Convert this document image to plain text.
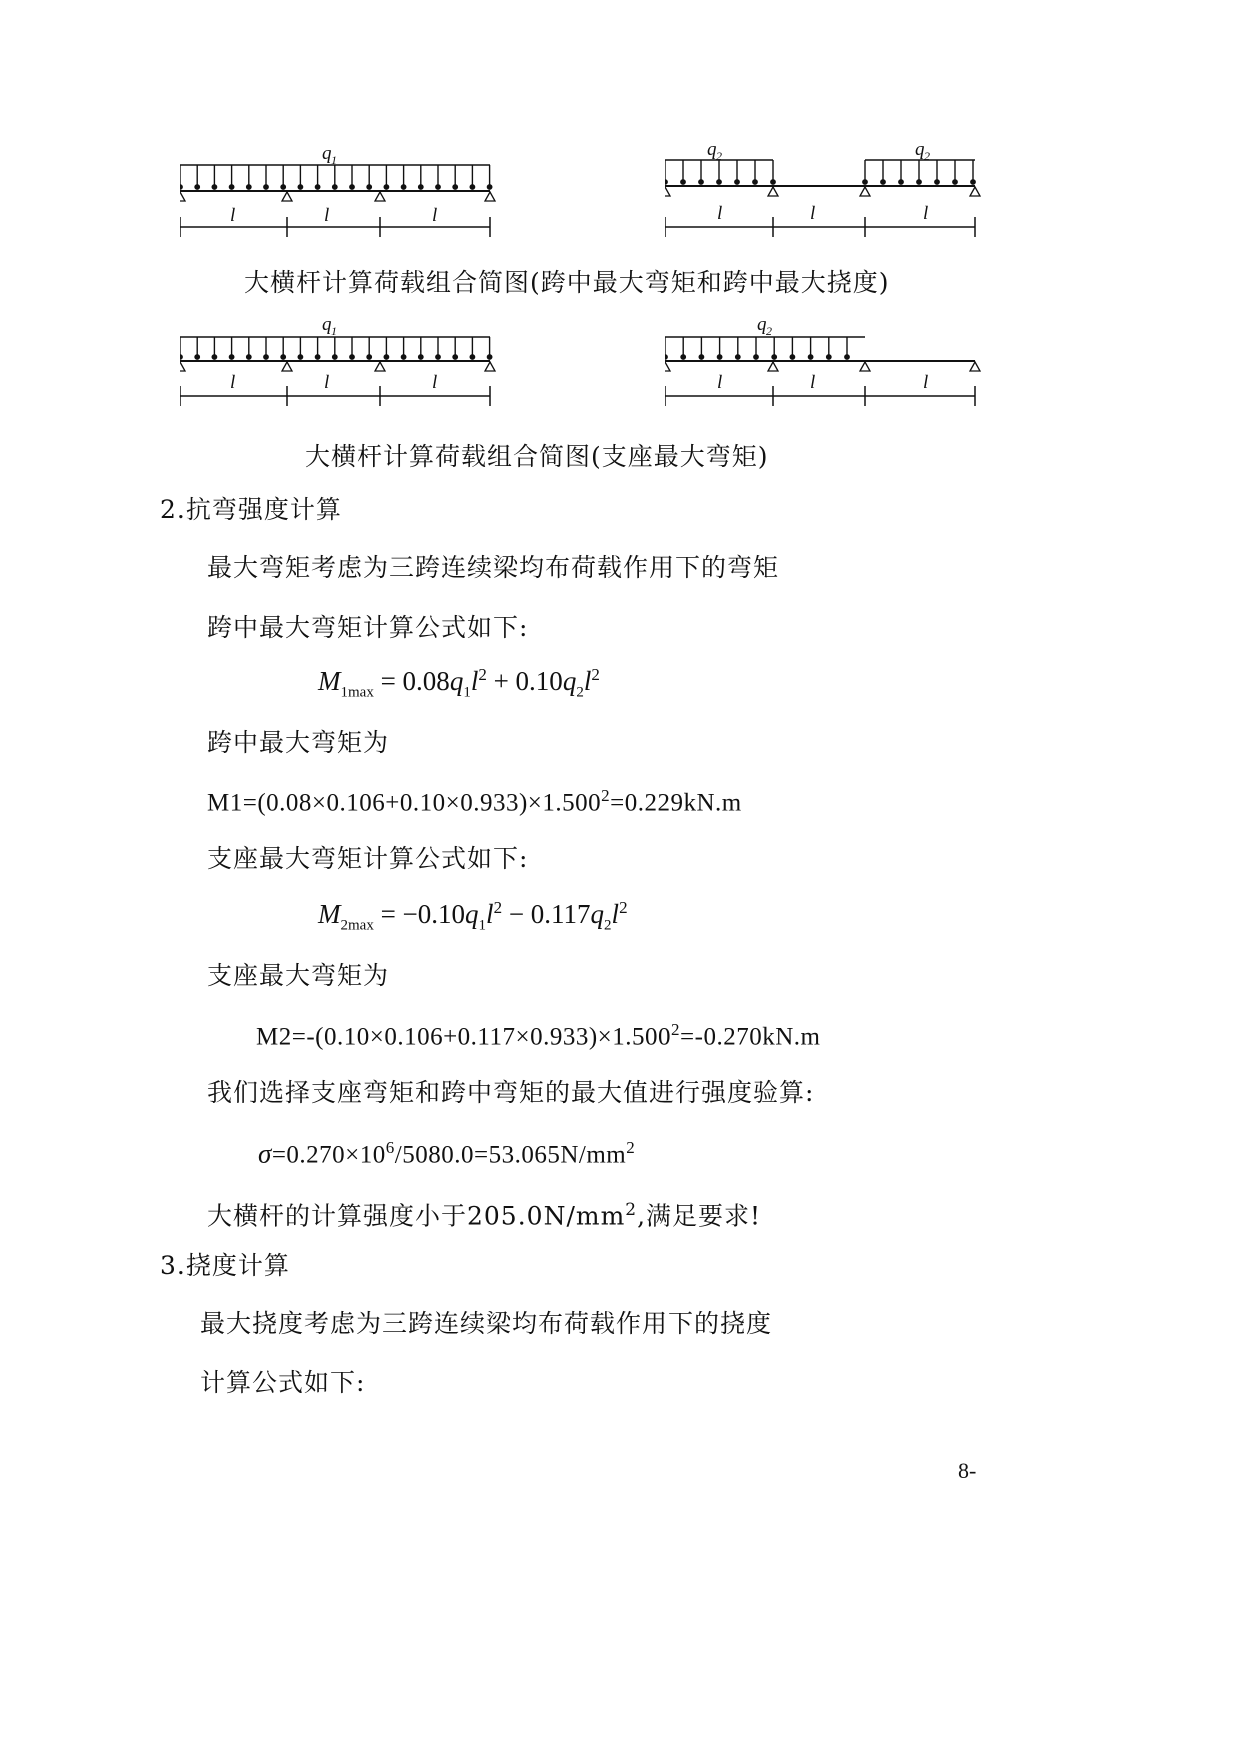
q 1
l	l	l
q 2	q 2
l	l	l
大横杆计算荷载组合简图(跨中最大弯矩和跨中最大挠度)
q 1
l	l	l
q 2
l	l	l
大横杆计算荷载组合简图(支座最大弯矩)
2.抗弯强度计算
最大弯矩考虑为三跨连续梁均布荷载作用下的弯矩
跨中最大弯矩计算公式如下:
$M_{1max} = 0.08q_1l^2 + 0.10q_2l^2$
跨中最大弯矩为
$M1=(0.08\times 0.106+0.10\times 0.933)\times 1.500^2=0.229kN.m$
支座最大弯矩计算公式如下:
$M_{2max} = -0.10q_1l^2 - 0.117q_2l^2$
支座最大弯矩为
$M2=-(0.10\times 0.106+0.117\times 0.933)\times 1.500^2=-0.270kN.m$
我们选择支座弯矩和跨中弯矩的最大值进行强度验算:
$\sigma=0.270\times 10^6/5080.0=53.065N/mm^2$
大横杆的计算强度小于$205.0N/mm^2$,满足要求!
3.挠度计算
最大挠度考虑为三跨连续梁均布荷载作用下的挠度
计算公式如下:
8-
